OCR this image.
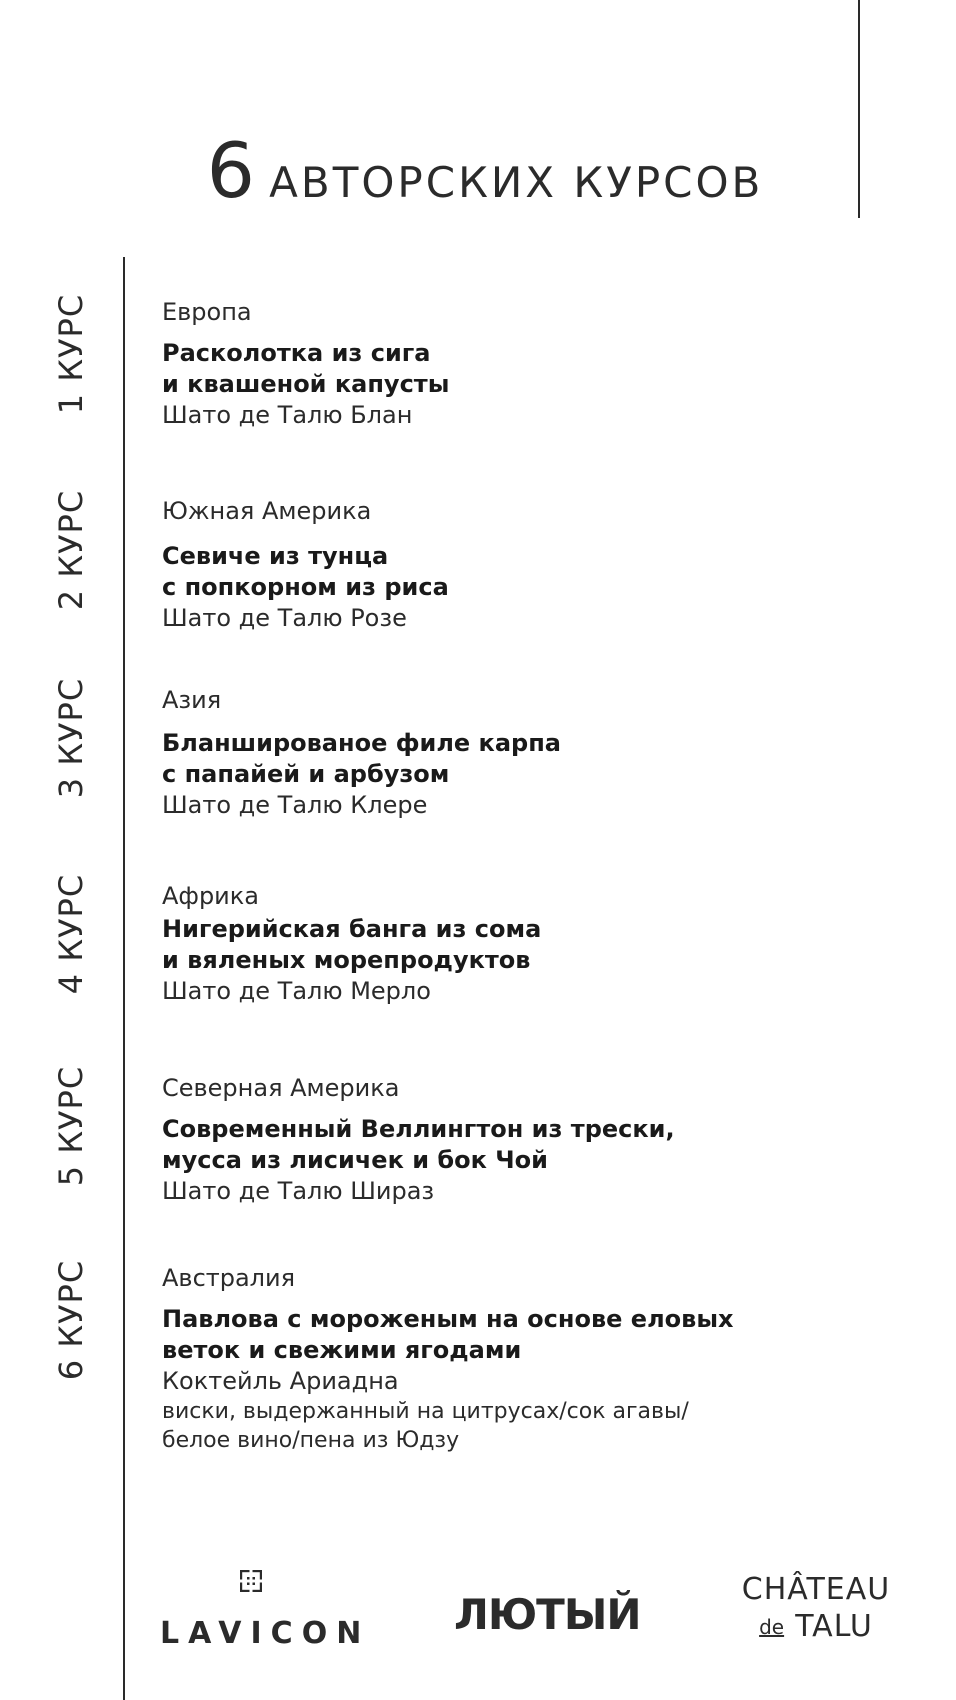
6 АВТОРСКИХ КУРСОВ
1 КУРС	Европа
Расколотка из сига
и квашеной капусты
Шато де Талю Блан
2 КУРС	Южная Америка
Севиче из тунца
с попкорном из риса
Шато де Талю Розе
3 КУРС	Азия
Бланшированое филе карпа
с папайей и арбузом
Шато де Талю Клере
4 КУРС	Африка
Нигерийская банга из сома
и вяленых морепродуктов
Шато де Талю Мерло
5 КУРС	Северная Америка
Современный Веллингтон из трески,
мусса из лисичек и бок Чой
Шато де Талю Шираз
6 КУРС	Австралия
Павлова с мороженым на основе еловых
веток и свежими ягодами
Коктейль Ариадна
виски, выдержанный на цитрусах/сок агавы/
белое вино/пена из Юдзу
LAVICON ЛЮТЫЙ
CHÂTEAU
de TALU
